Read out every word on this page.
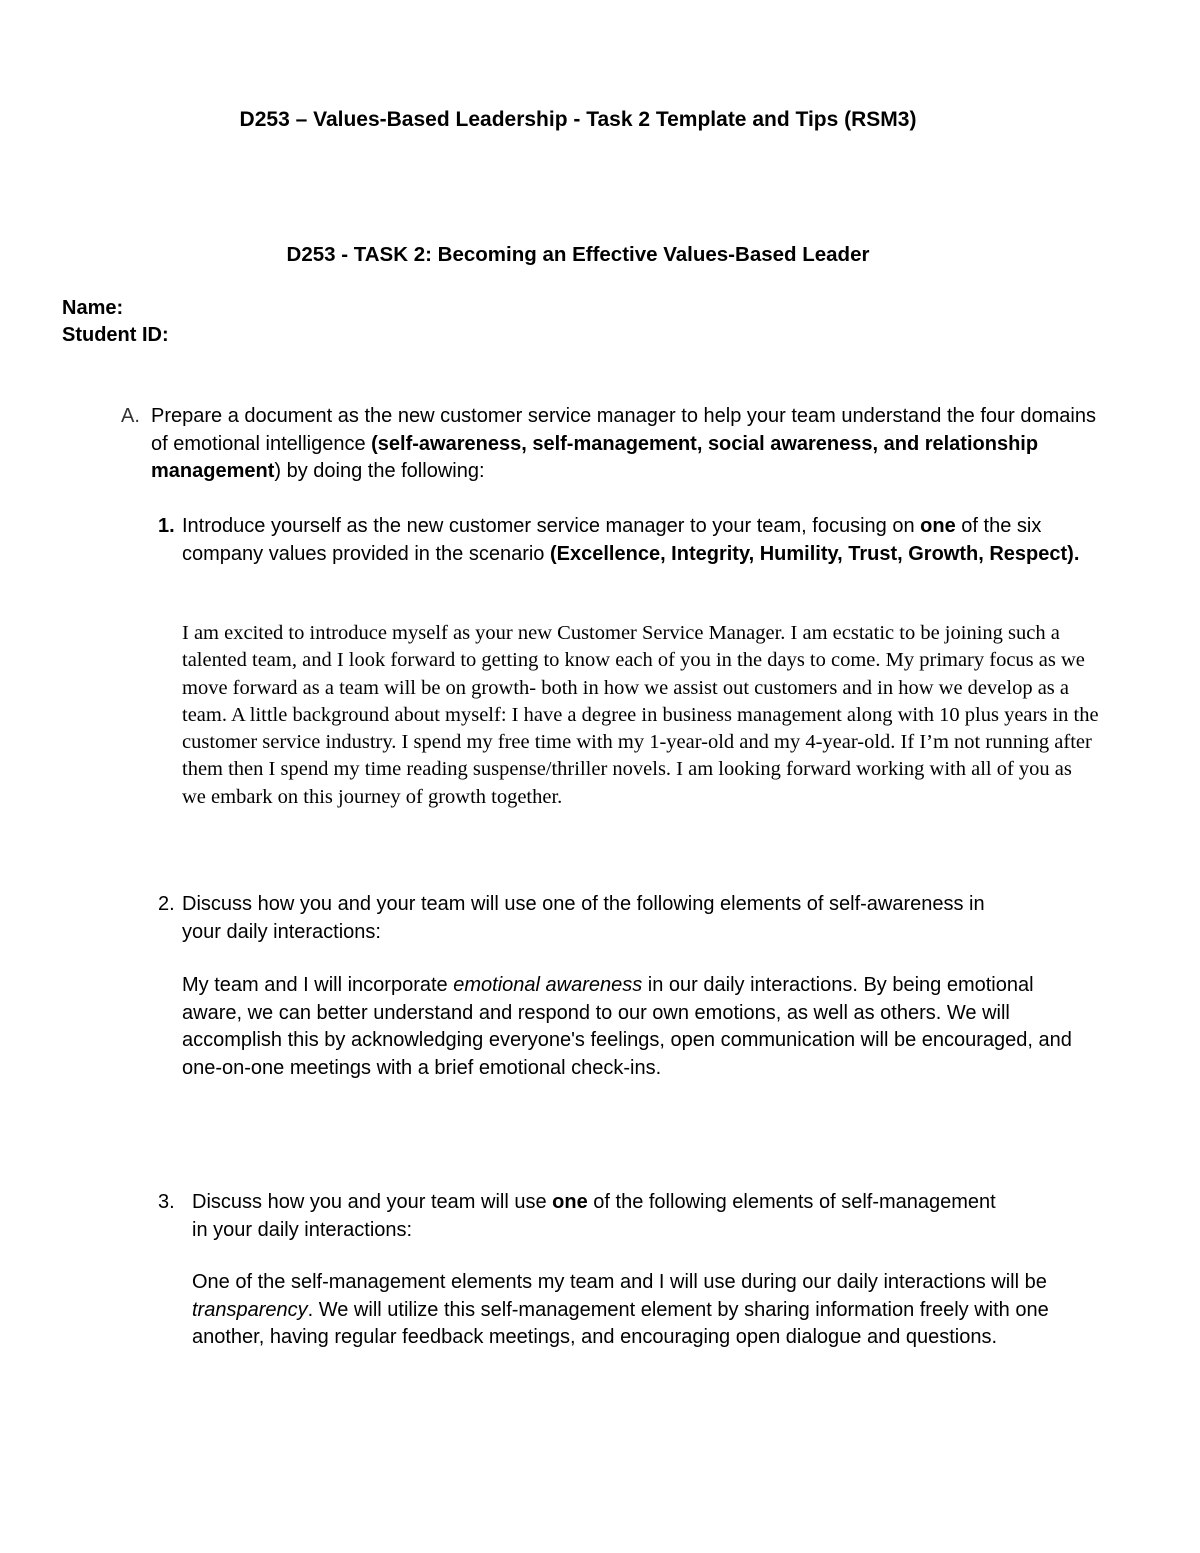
D253 – Values-Based Leadership - Task 2 Template and Tips (RSM3)
D253 - TASK 2: Becoming an Effective Values-Based Leader
Name:
Student ID:
A. Prepare a document as the new customer service manager to help your team understand the four domains of emotional intelligence (self-awareness, self-management, social awareness, and relationship management) by doing the following:
1. Introduce yourself as the new customer service manager to your team, focusing on one of the six company values provided in the scenario (Excellence, Integrity, Humility, Trust, Growth, Respect).
I am excited to introduce myself as your new Customer Service Manager. I am ecstatic to be joining such a talented team, and I look forward to getting to know each of you in the days to come. My primary focus as we move forward as a team will be on growth- both in how we assist out customers and in how we develop as a team. A little background about myself: I have a degree in business management along with 10 plus years in the customer service industry. I spend my free time with my 1-year-old and my 4-year-old. If I’m not running after them then I spend my time reading suspense/thriller novels. I am looking forward working with all of you as we embark on this journey of growth together.
2. Discuss how you and your team will use one of the following elements of self-awareness in your daily interactions:
My team and I will incorporate emotional awareness in our daily interactions. By being emotional aware, we can better understand and respond to our own emotions, as well as others. We will accomplish this by acknowledging everyone's feelings, open communication will be encouraged, and one-on-one meetings with a brief emotional check-ins.
3. Discuss how you and your team will use one of the following elements of self-management in your daily interactions:
One of the self-management elements my team and I will use during our daily interactions will be transparency. We will utilize this self-management element by sharing information freely with one another, having regular feedback meetings, and encouraging open dialogue and questions.
